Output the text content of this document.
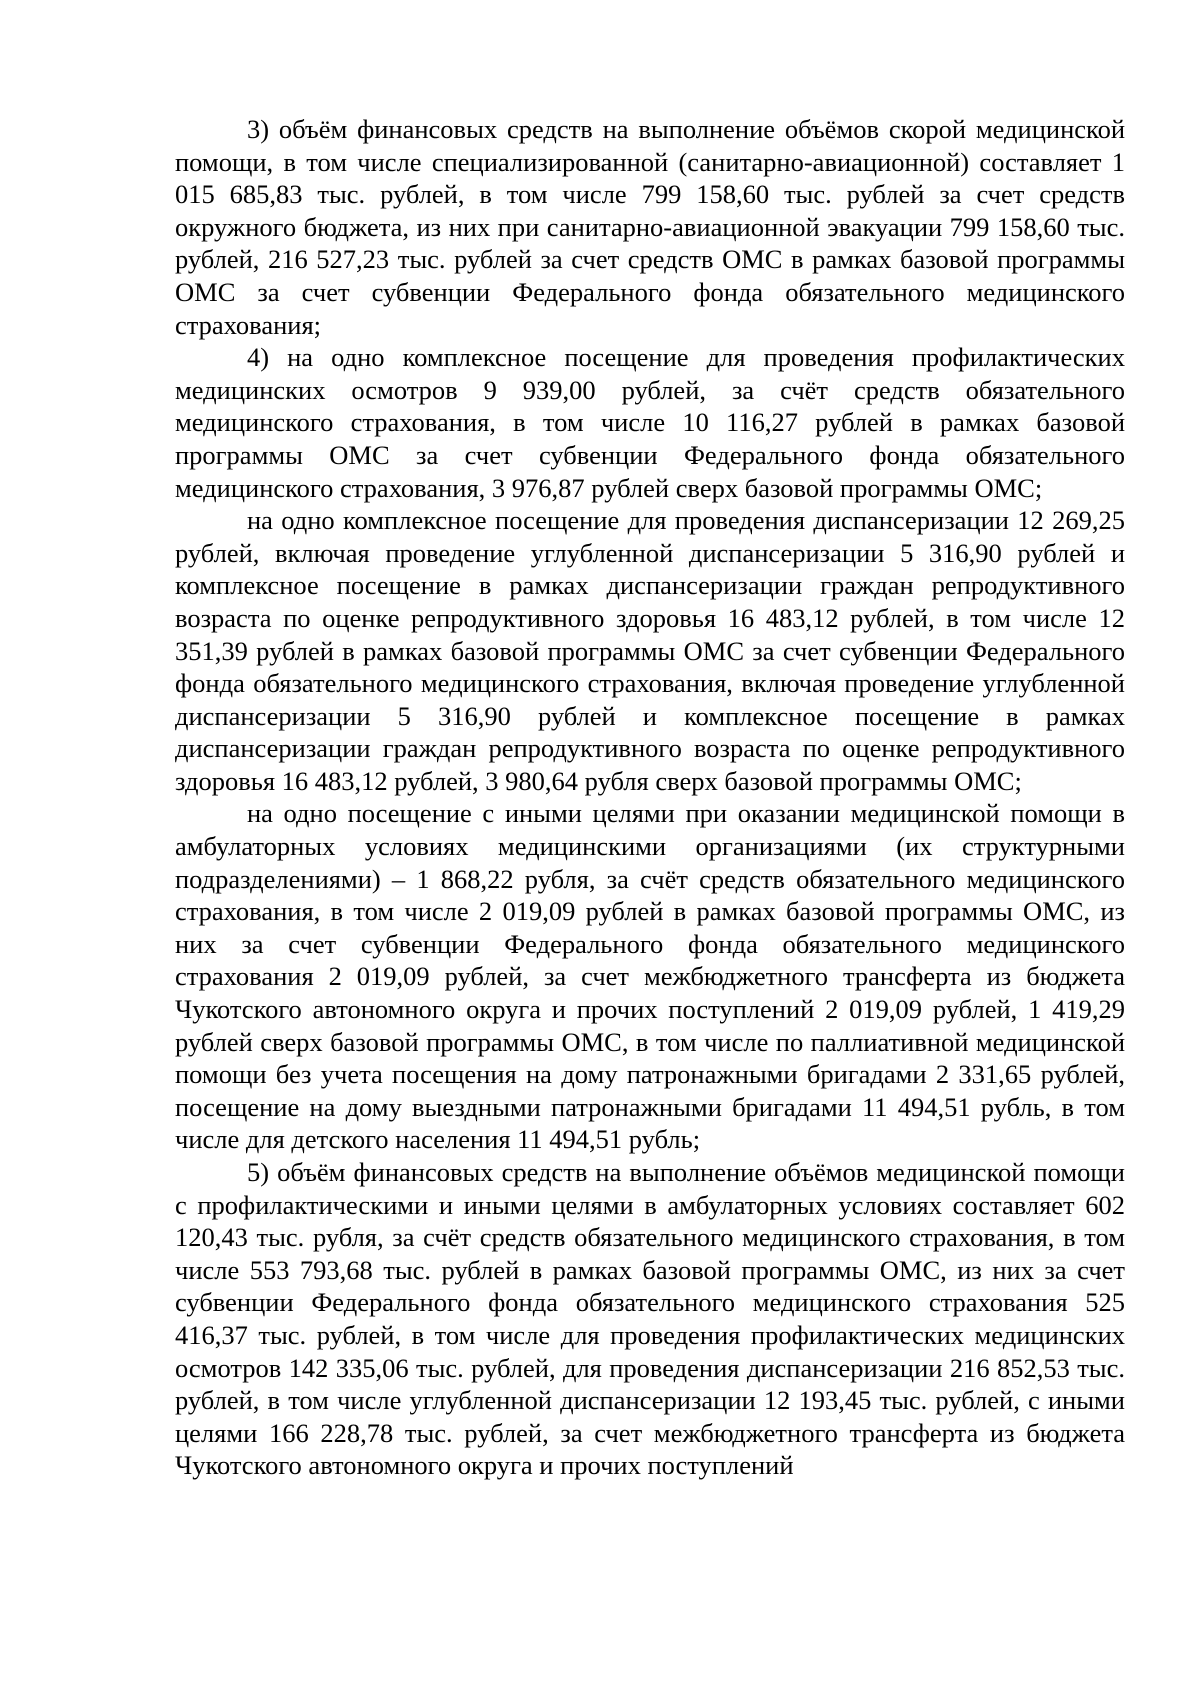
3) объём финансовых средств на выполнение объёмов скорой медицинской помощи, в том числе специализированной (санитарно-авиационной) составляет 1 015 685,83 тыс. рублей, в том числе 799 158,60 тыс. рублей за счет средств окружного бюджета, из них при санитарно-авиационной эвакуации 799 158,60 тыс. рублей, 216 527,23 тыс. рублей за счет средств ОМС в рамках базовой программы ОМС за счет субвенции Федерального фонда обязательного медицинского страхования;

4) на одно комплексное посещение для проведения профилактических медицинских осмотров 9 939,00 рублей, за счёт средств обязательного медицинского страхования, в том числе 10 116,27 рублей в рамках базовой программы ОМС за счет субвенции Федерального фонда обязательного медицинского страхования, 3 976,87 рублей сверх базовой программы ОМС;

на одно комплексное посещение для проведения диспансеризации 12 269,25 рублей, включая проведение углубленной диспансеризации 5 316,90 рублей и комплексное посещение в рамках диспансеризации граждан репродуктивного возраста по оценке репродуктивного здоровья 16 483,12 рублей, в том числе 12 351,39 рублей в рамках базовой программы ОМС за счет субвенции Федерального фонда обязательного медицинского страхования, включая проведение углубленной диспансеризации 5 316,90 рублей и комплексное посещение в рамках диспансеризации граждан репродуктивного возраста по оценке репродуктивного здоровья 16 483,12 рублей, 3 980,64 рубля сверх базовой программы ОМС;

на одно посещение с иными целями при оказании медицинской помощи в амбулаторных условиях медицинскими организациями (их структурными подразделениями) – 1 868,22 рубля, за счёт средств обязательного медицинского страхования, в том числе 2 019,09 рублей в рамках базовой программы ОМС, из них за счет субвенции Федерального фонда обязательного медицинского страхования 2 019,09 рублей, за счет межбюджетного трансферта из бюджета Чукотского автономного округа и прочих поступлений 2 019,09 рублей, 1 419,29 рублей сверх базовой программы ОМС, в том числе по паллиативной медицинской помощи без учета посещения на дому патронажными бригадами 2 331,65 рублей, посещение на дому выездными патронажными бригадами 11 494,51 рубль, в том числе для детского населения 11 494,51 рубль;

5) объём финансовых средств на выполнение объёмов медицинской помощи с профилактическими и иными целями в амбулаторных условиях составляет 602 120,43 тыс. рубля, за счёт средств обязательного медицинского страхования, в том числе 553 793,68 тыс. рублей в рамках базовой программы ОМС, из них за счет субвенции Федерального фонда обязательного медицинского страхования 525 416,37 тыс. рублей, в том числе для проведения профилактических медицинских осмотров 142 335,06 тыс. рублей, для проведения диспансеризации 216 852,53 тыс. рублей, в том числе углубленной диспансеризации 12 193,45 тыс. рублей, с иными целями 166 228,78 тыс. рублей, за счет межбюджетного трансферта из бюджета Чукотского автономного округа и прочих поступлений
